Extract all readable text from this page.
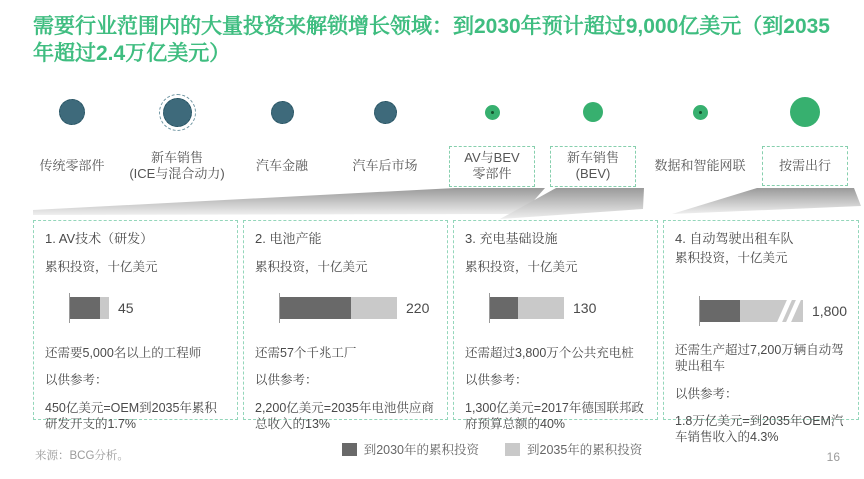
需要行业范围内的大量投资来解锁增长领域：到2030年预计超过9,000亿美元（到2035年超过2.4万亿美元）
传统零部件
新车销售
(ICE与混合动力)
汽车金融	汽车后市场
AV与BEV
零部件
新车销售
(BEV)
数据和智能网联	按需出行
1. AV技术（研发）
累积投资，十亿美元
45
还需要5,000名以上的工程师
以供参考：
450亿美元=OEM到2035年累积研发开支的1.7%
2. 电池产能
累积投资，十亿美元
220
还需57个千兆工厂
以供参考：
2,200亿美元=2035年电池供应商总收入的13%
3. 充电基础设施
累积投资，十亿美元
130
还需超过3,800万个公共充电桩
以供参考：
1,300亿美元=2017年德国联邦政府预算总额的40%
4. 自动驾驶出租车队
累积投资，十亿美元
1,800
还需生产超过7,200万辆自动驾驶出租车
以供参考：
1.8万亿美元=到2035年OEM汽车销售收入的4.3%
到2030年的累积投资	到2035年的累积投资
来源：BCG分析。	16
